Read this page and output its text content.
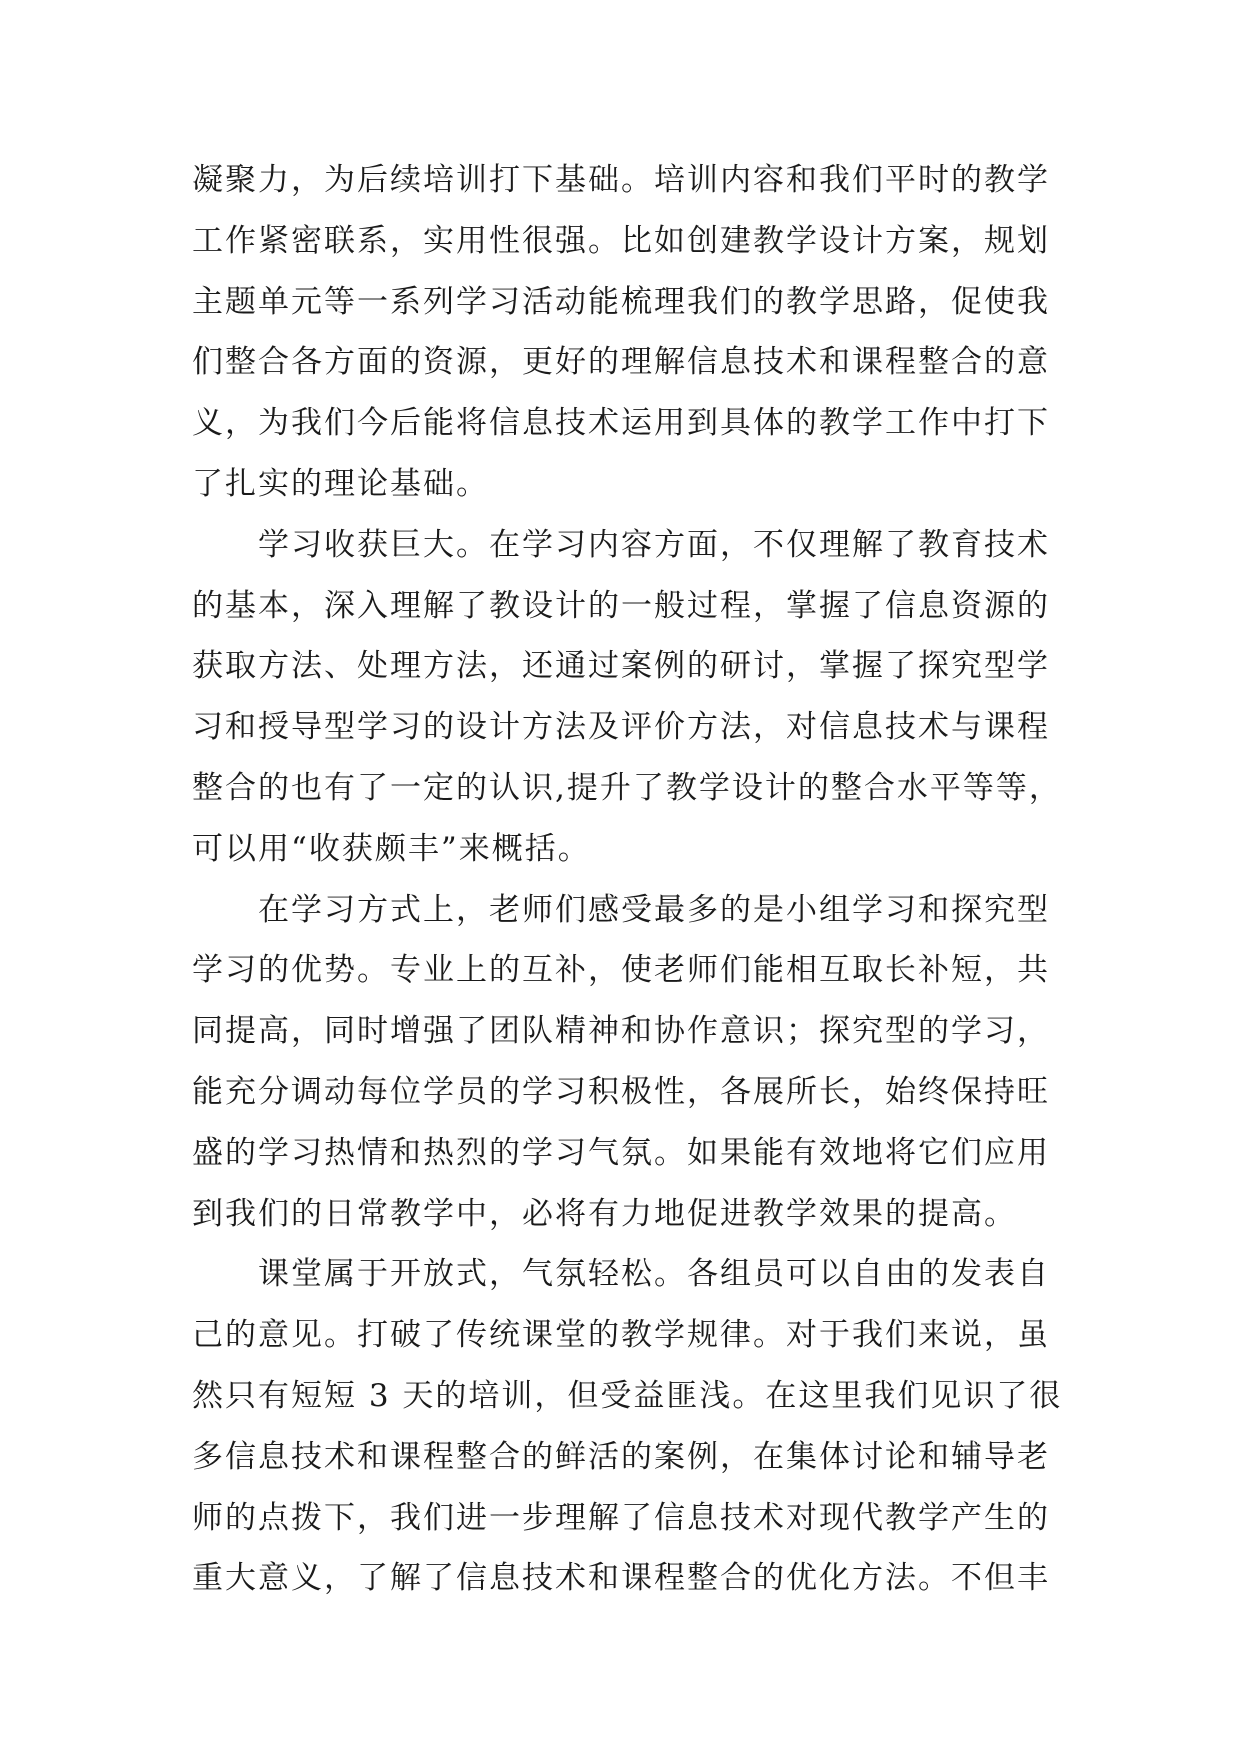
凝聚力，为后续培训打下基础。培训内容和我们平时的教学
工作紧密联系，实用性很强。比如创建教学设计方案，规划
主题单元等一系列学习活动能梳理我们的教学思路，促使我
们整合各方面的资源，更好的理解信息技术和课程整合的意
义，为我们今后能将信息技术运用到具体的教学工作中打下
了扎实的理论基础。
学习收获巨大。在学习内容方面，不仅理解了教育技术
的基本，深入理解了教设计的一般过程，掌握了信息资源的
获取方法、处理方法，还通过案例的研讨，掌握了探究型学
习和授导型学习的设计方法及评价方法，对信息技术与课程
整合的也有了一定的认识,提升了教学设计的整合水平等等，
可以用“收获颇丰”来概括。
在学习方式上，老师们感受最多的是小组学习和探究型
学习的优势。专业上的互补，使老师们能相互取长补短，共
同提高，同时增强了团队精神和协作意识；探究型的学习，
能充分调动每位学员的学习积极性，各展所长，始终保持旺
盛的学习热情和热烈的学习气氛。如果能有效地将它们应用
到我们的日常教学中，必将有力地促进教学效果的提高。
课堂属于开放式，气氛轻松。各组员可以自由的发表自
己的意见。打破了传统课堂的教学规律。对于我们来说，虽
然只有短短 3 天的培训，但受益匪浅。在这里我们见识了很
多信息技术和课程整合的鲜活的案例，在集体讨论和辅导老
师的点拨下，我们进一步理解了信息技术对现代教学产生的
重大意义，了解了信息技术和课程整合的优化方法。不但丰
